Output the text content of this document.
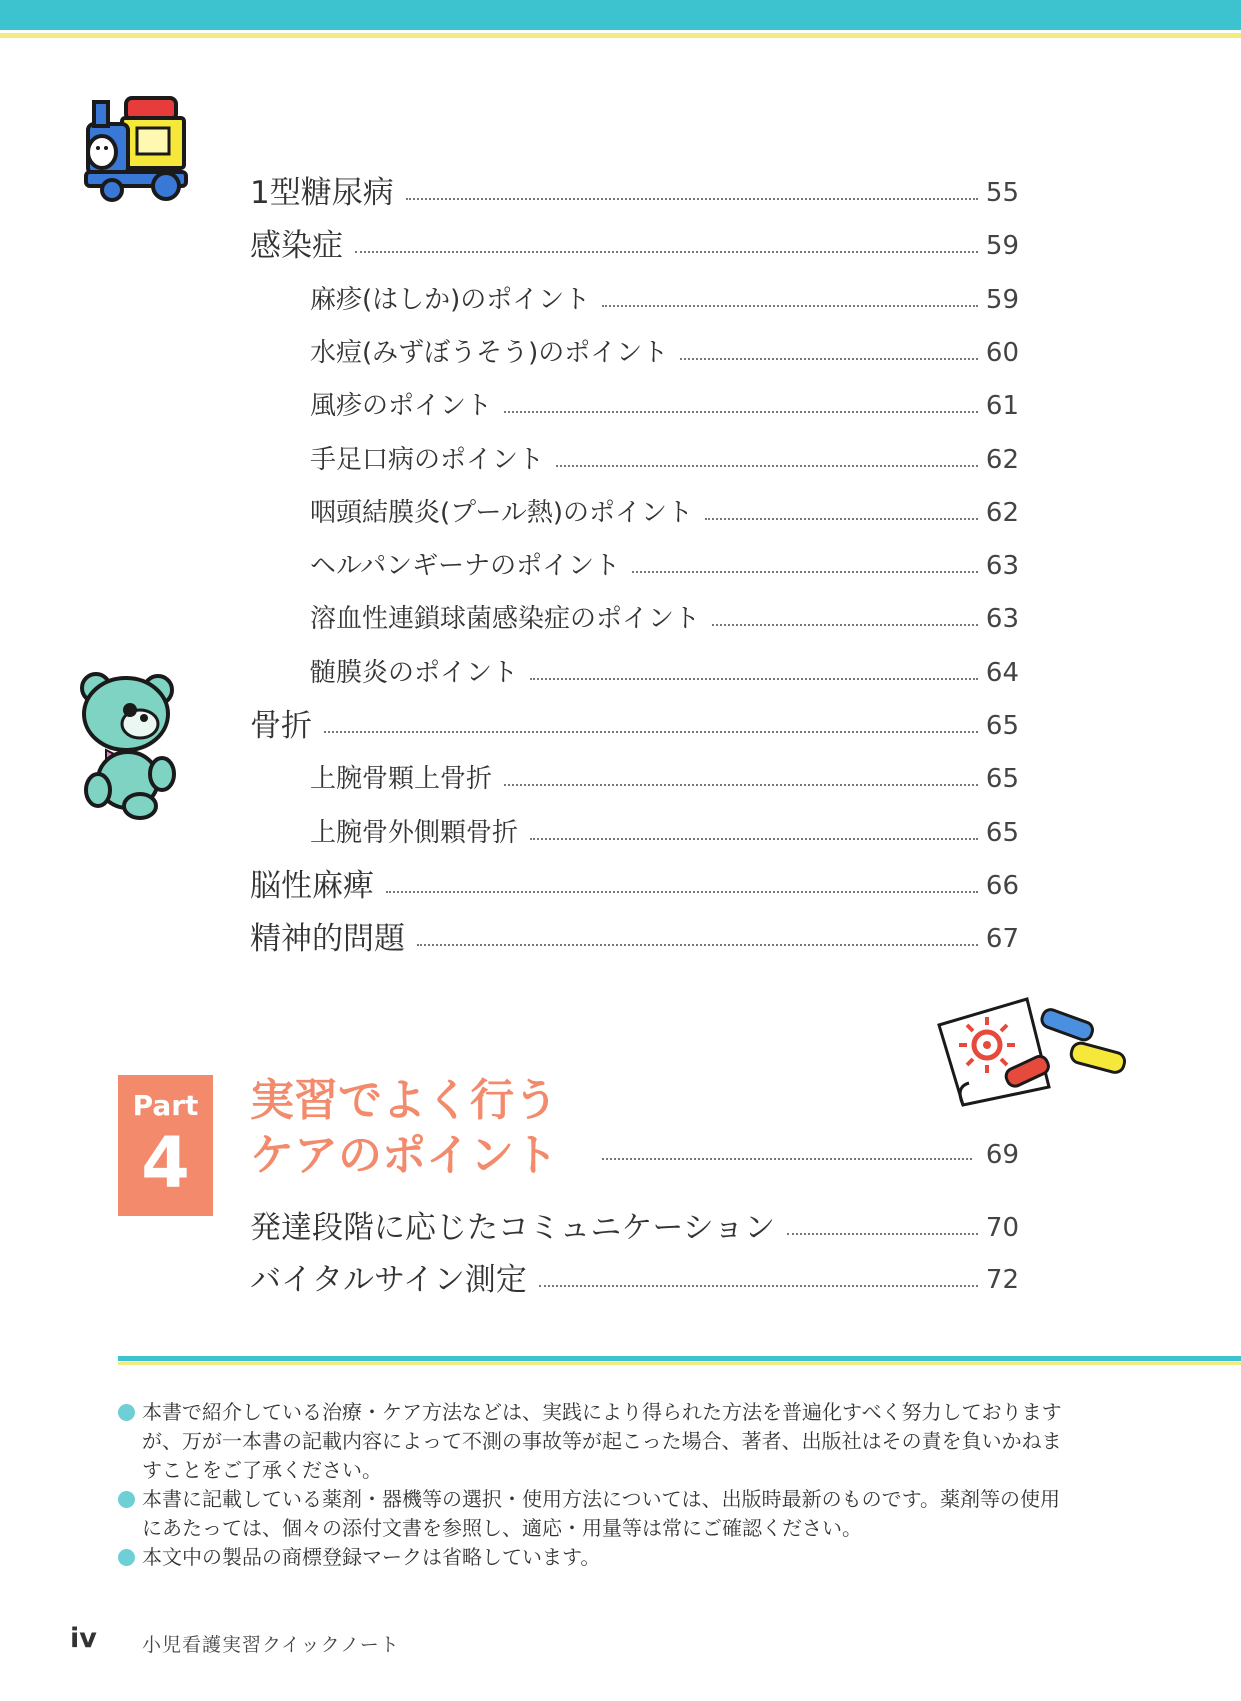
1型糖尿病	55
感染症	59
麻疹(はしか)のポイント	59
水痘(みずぼうそう)のポイント	60
風疹のポイント	61
手足口病のポイント	62
咽頭結膜炎(プール熱)のポイント	62
ヘルパンギーナのポイント	63
溶血性連鎖球菌感染症のポイント	63
髄膜炎のポイント	64
骨折	65
上腕骨顆上骨折	65
上腕骨外側顆骨折	65
脳性麻痺	66
精神的問題	67
Part
4
実習でよく行う
ケアのポイント	69
発達段階に応じたコミュニケーション	70
バイタルサイン測定	72
本書で紹介している治療・ケア方法などは、実践により得られた方法を普遍化すべく努力しておりますが、万が一本書の記載内容によって不測の事故等が起こった場合、著者、出版社はその責を負いかねますことをご了承ください。
本書に記載している薬剤・器機等の選択・使用方法については、出版時最新のものです。薬剤等の使用にあたっては、個々の添付文書を参照し、適応・用量等は常にご確認ください。
本文中の製品の商標登録マークは省略しています。
iv 小児看護実習クイックノート
